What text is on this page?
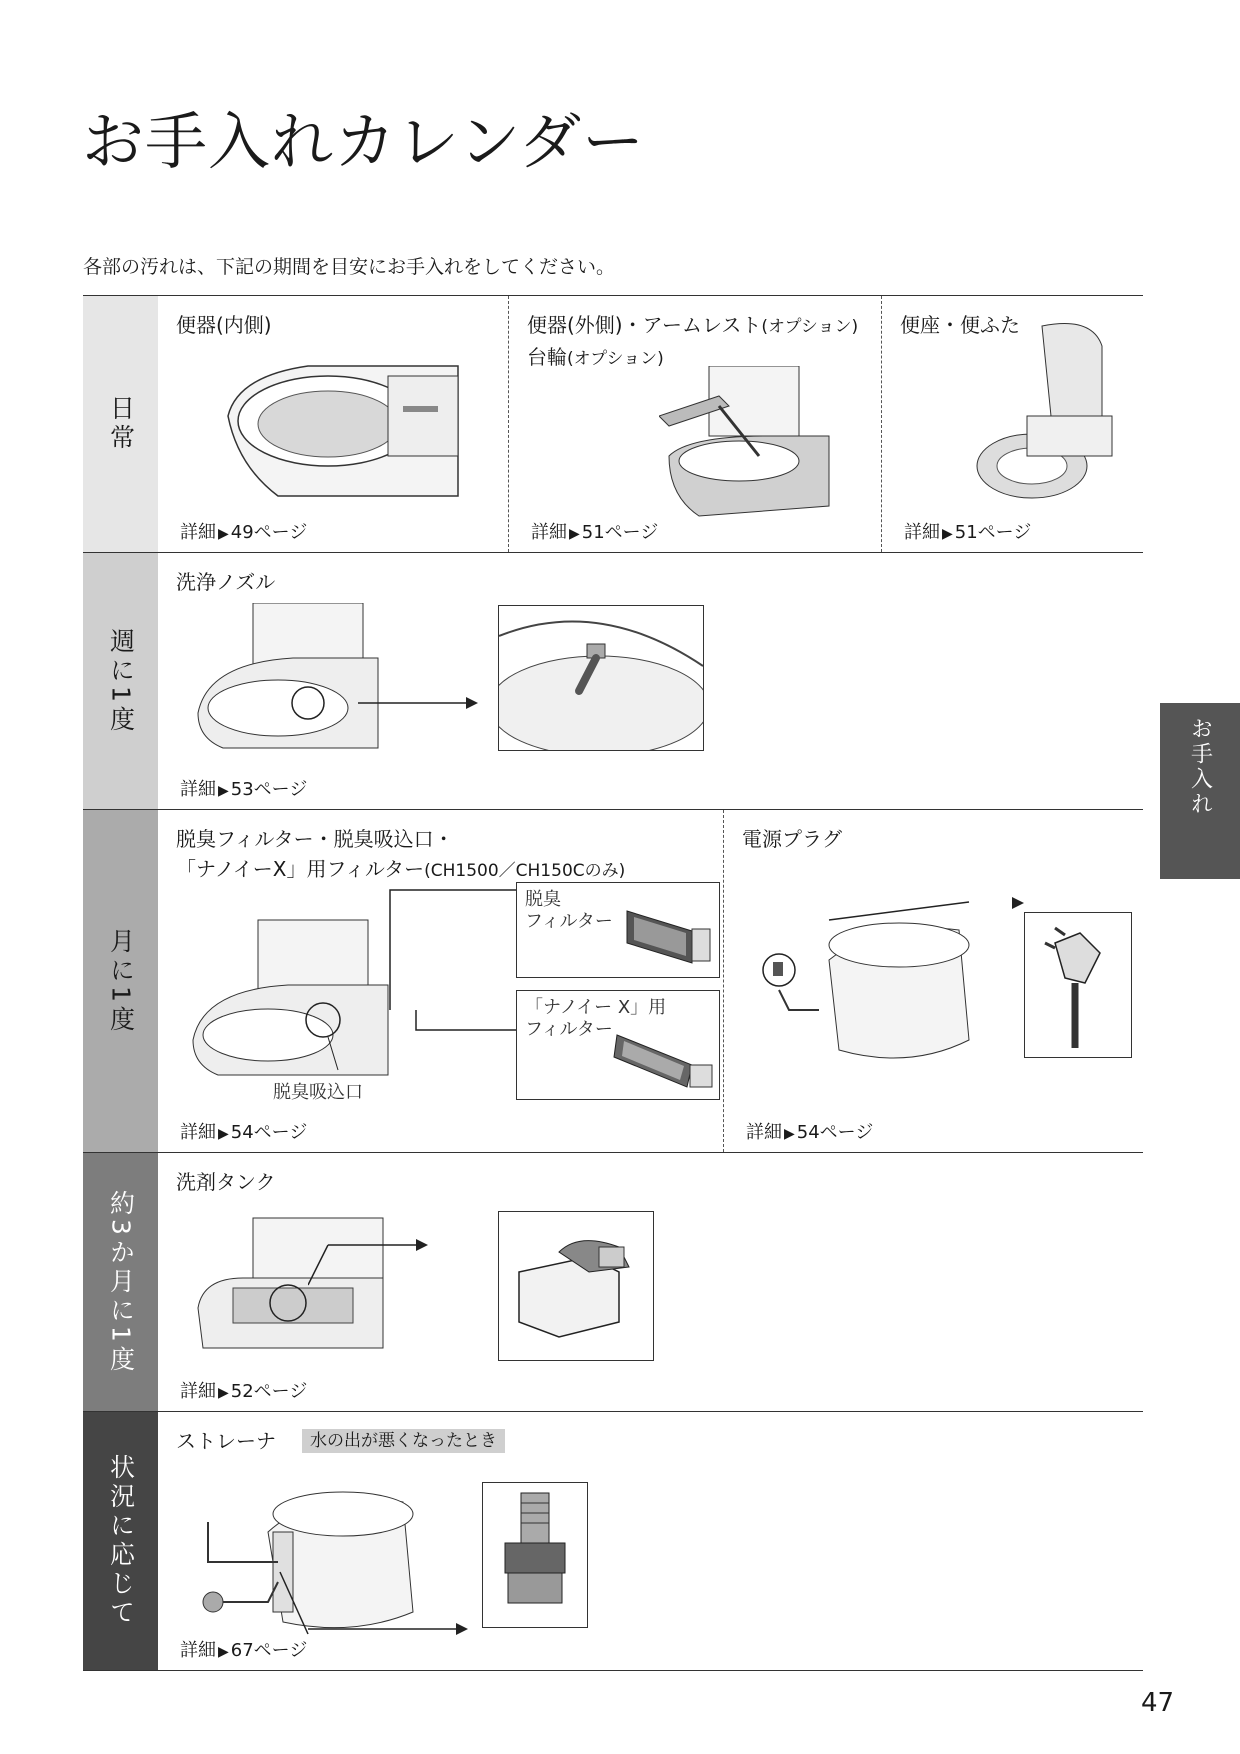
お手入れカレンダー
各部の汚れは、下記の期間を目安にお手入れをしてください。
日常
便器(内側)
詳細 ▶ 49ページ
便器(外側)・アームレスト(オプション)
台輪(オプション)
詳細 ▶ 51ページ
便座・便ふた
詳細 ▶ 51ページ
週に1度
洗浄ノズル
詳細 ▶ 53ページ
月に1度
脱臭フィルター・脱臭吸込口・
「ナノイーX」用フィルター(CH1500／CH150Cのみ)
脱臭
フィルター
「ナノイー X」用
フィルター
脱臭吸込口
詳細 ▶ 54ページ
電源プラグ
詳細 ▶ 54ページ
約3か月に1度
洗剤タンク
詳細 ▶ 52ページ
状況に応じて
ストレーナ 水の出が悪くなったとき
詳細 ▶ 67ページ
お手入れ
47
